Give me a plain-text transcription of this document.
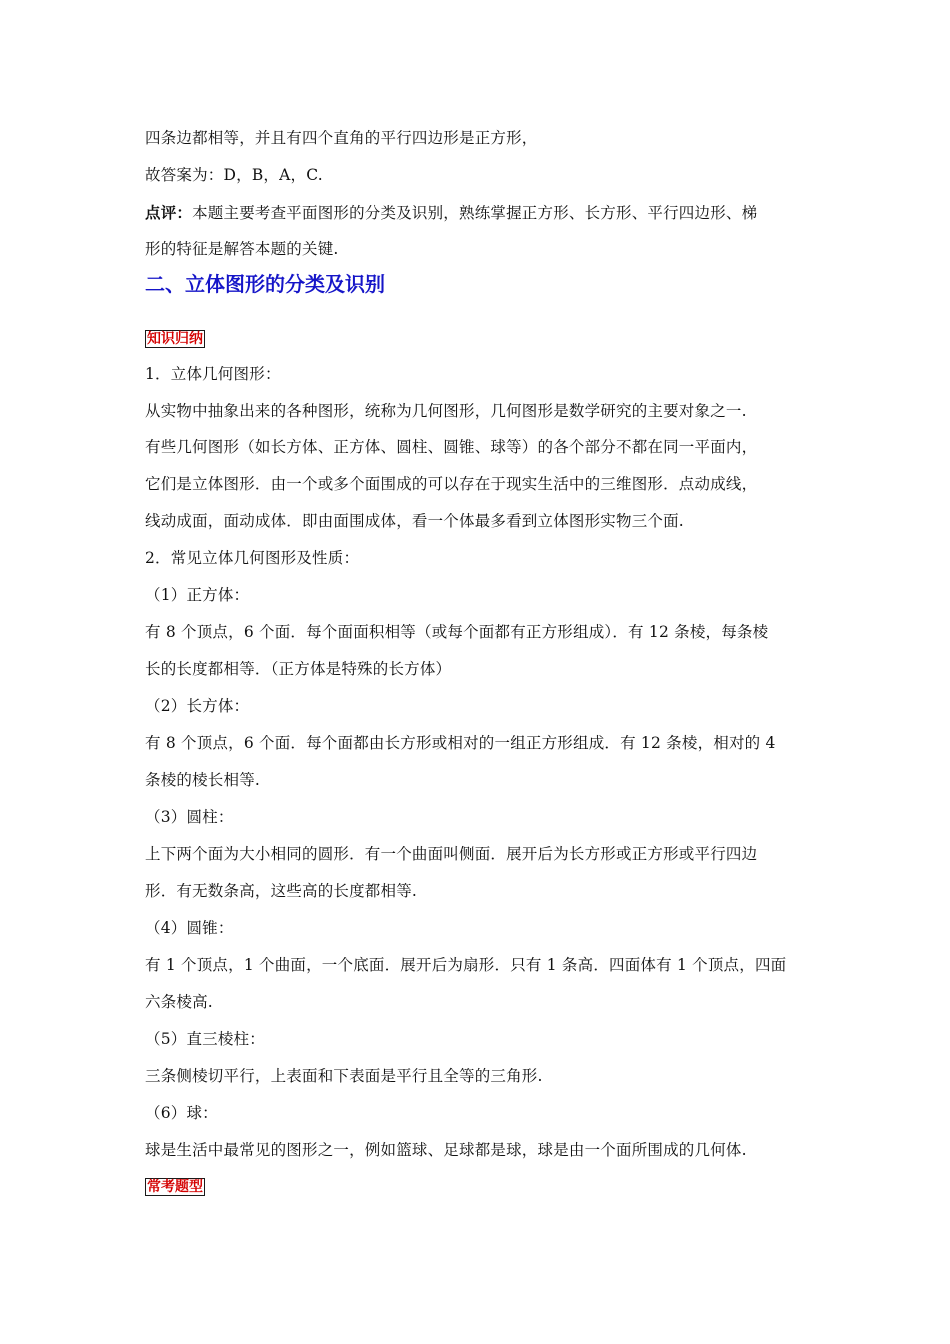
四条边都相等，并且有四个直角的平行四边形是正方形，
故答案为：D，B，A，C.
点评：本题主要考查平面图形的分类及识别，熟练掌握正方形、长方形、平行四边形、梯
形的特征是解答本题的关键.
二、立体图形的分类及识别
知识归纳
1．立体几何图形：
从实物中抽象出来的各种图形，统称为几何图形，几何图形是数学研究的主要对象之一.
有些几何图形（如长方体、正方体、圆柱、圆锥、球等）的各个部分不都在同一平面内，
它们是立体图形．由一个或多个面围成的可以存在于现实生活中的三维图形．点动成线，
线动成面，面动成体．即由面围成体，看一个体最多看到立体图形实物三个面.
2．常见立体几何图形及性质：
（1）正方体：
有 8 个顶点，6 个面．每个面面积相等（或每个面都有正方形组成）．有 12 条棱，每条棱
长的长度都相等．（正方体是特殊的长方体）
（2）长方体：
有 8 个顶点，6 个面．每个面都由长方形或相对的一组正方形组成．有 12 条棱，相对的 4
条棱的棱长相等.
（3）圆柱：
上下两个面为大小相同的圆形．有一个曲面叫侧面．展开后为长方形或正方形或平行四边
形．有无数条高，这些高的长度都相等.
（4）圆锥：
有 1 个顶点，1 个曲面，一个底面．展开后为扇形．只有 1 条高．四面体有 1 个顶点，四面
六条棱高.
（5）直三棱柱：
三条侧棱切平行，上表面和下表面是平行且全等的三角形.
（6）球：
球是生活中最常见的图形之一，例如篮球、足球都是球，球是由一个面所围成的几何体.
常考题型
